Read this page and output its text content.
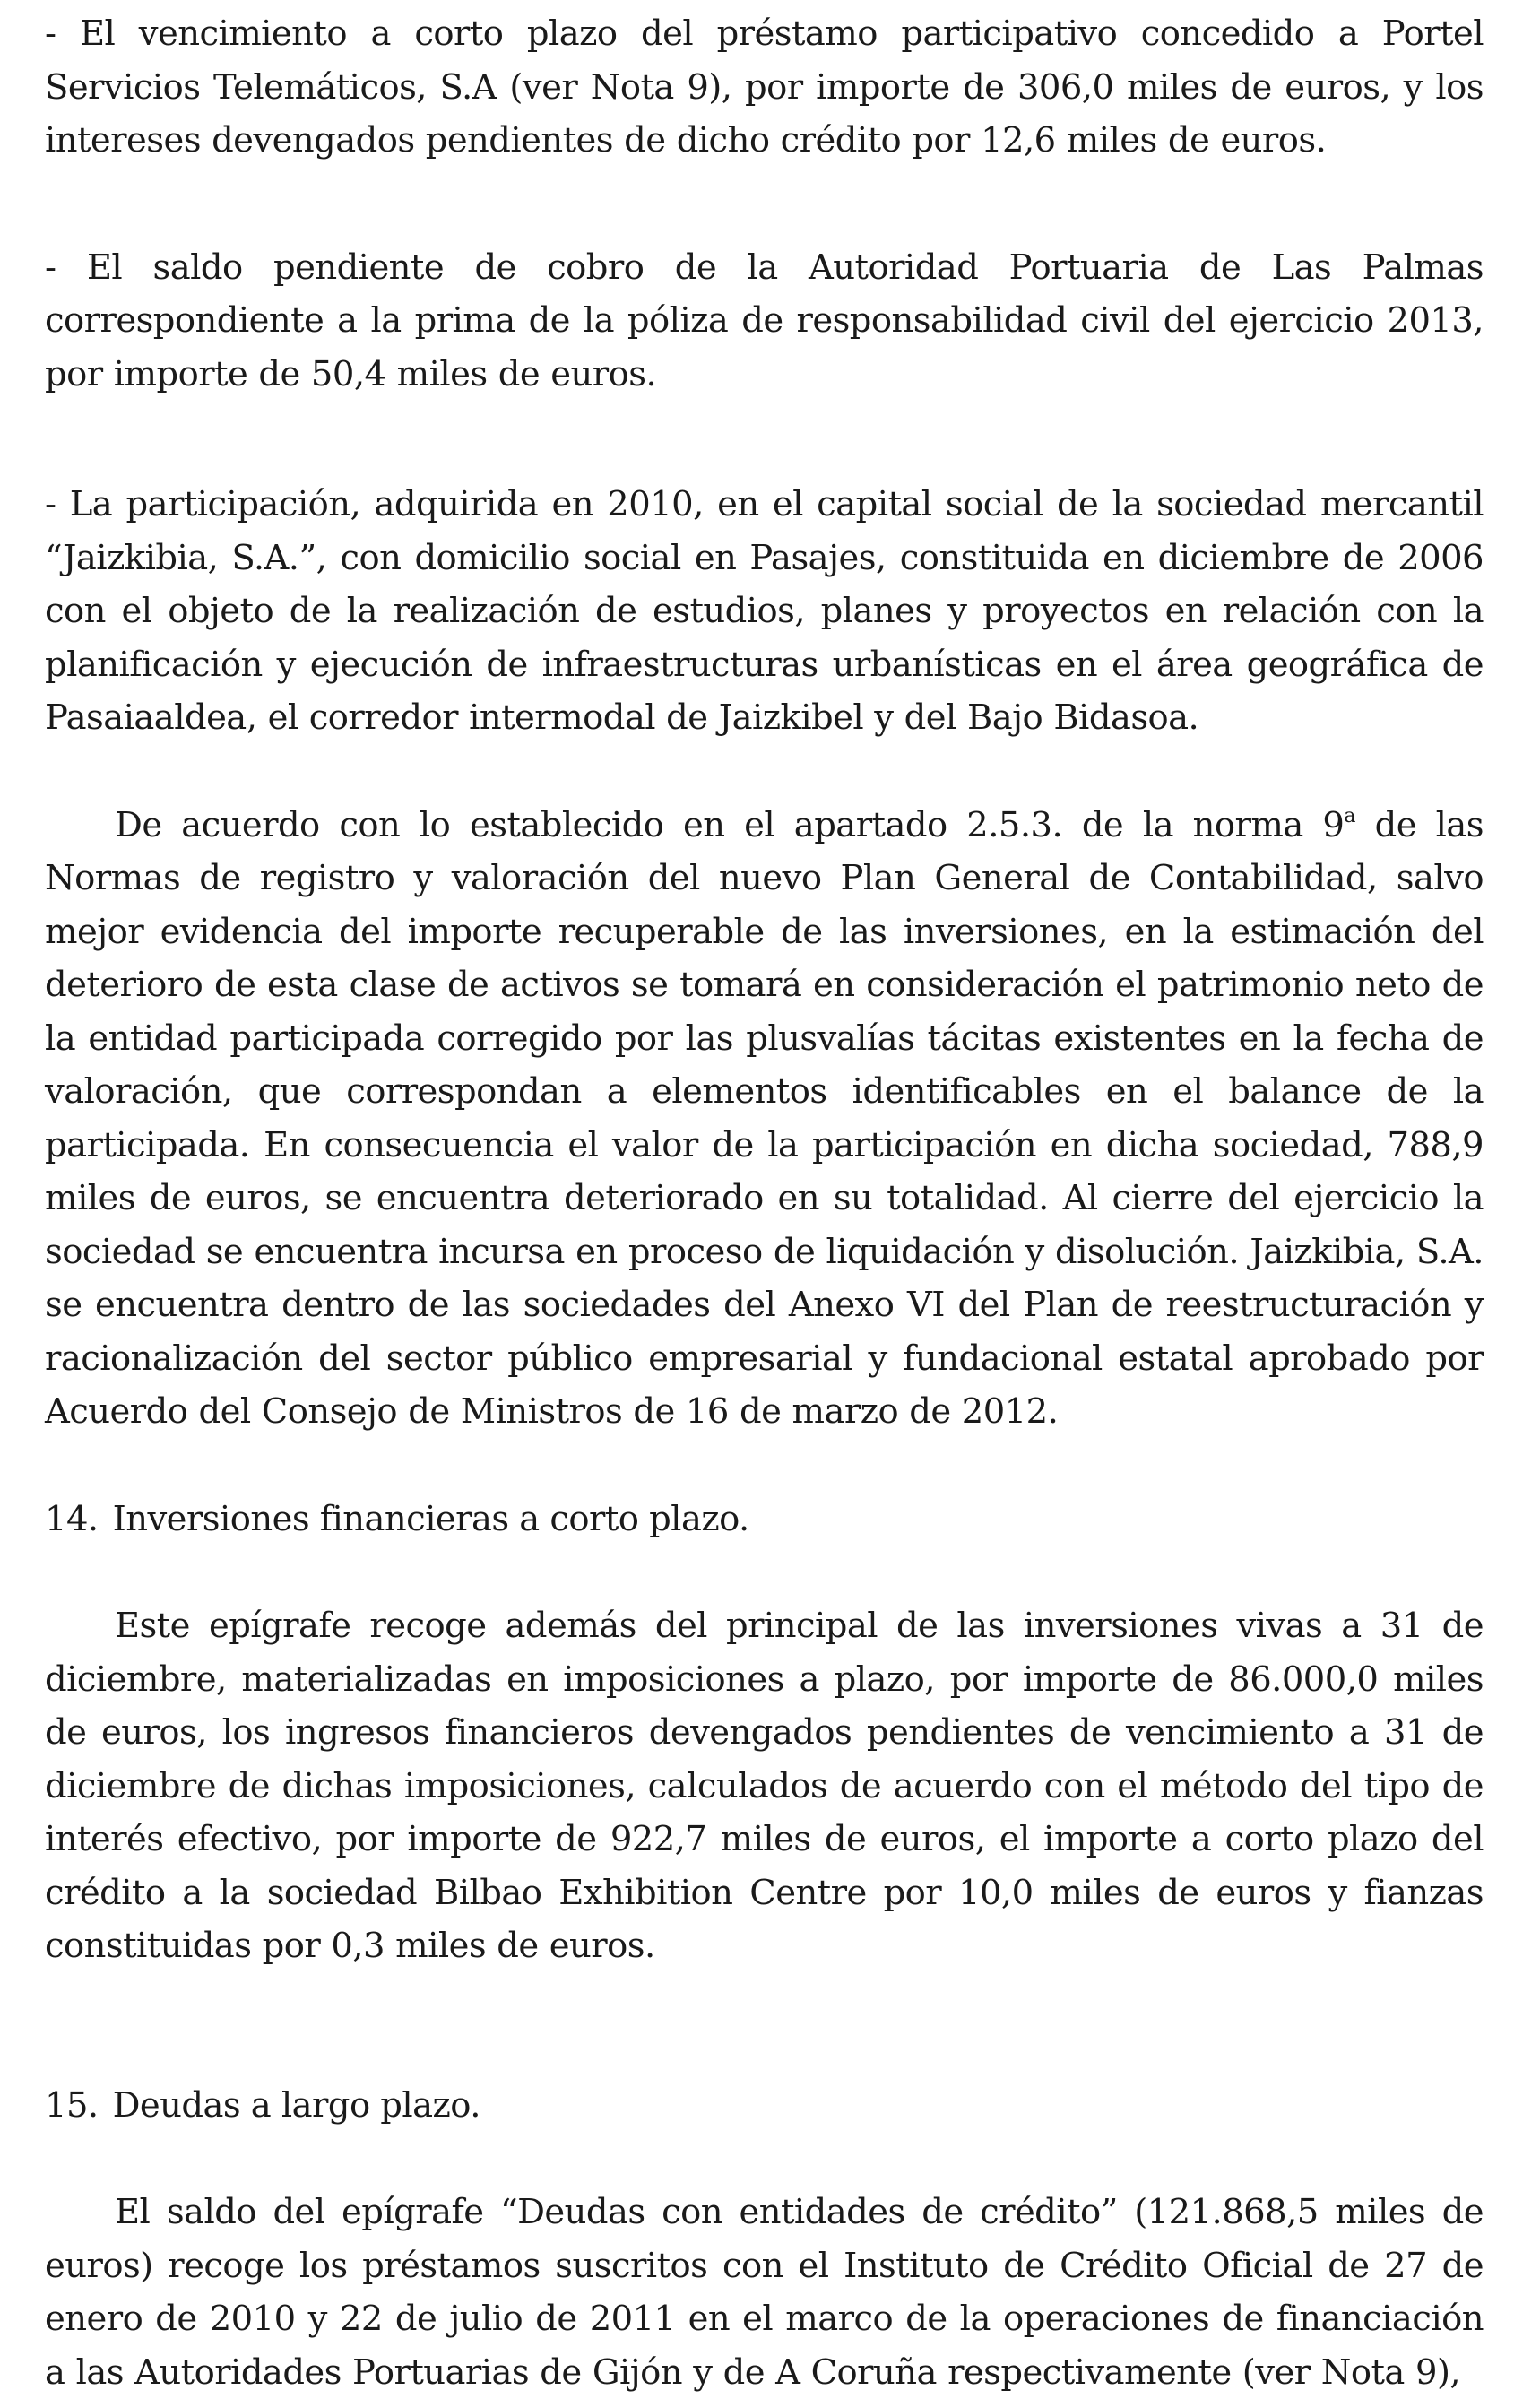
- El vencimiento a corto plazo del préstamo participativo concedido a Portel Servicios Telemáticos, S.A (ver Nota 9), por importe de 306,0 miles de euros, y los intereses devengados pendientes de dicho crédito por 12,6 miles de euros.

- El saldo pendiente de cobro de la Autoridad Portuaria de Las Palmas correspondiente a la prima de la póliza de responsabilidad civil del ejercicio 2013, por importe de 50,4 miles de euros.

- La participación, adquirida en 2010, en el capital social de la sociedad mercantil “Jaizkibia, S.A.”, con domicilio social en Pasajes, constituida en diciembre de 2006 con el objeto de la realización de estudios, planes y proyectos en relación con la planificación y ejecución de infraestructuras urbanísticas en el área geográfica de Pasaiaaldea, el corredor intermodal de Jaizkibel y del Bajo Bidasoa.

De acuerdo con lo establecido en el apartado 2.5.3. de la norma 9$^a$ de las Normas de registro y valoración del nuevo Plan General de Contabilidad, salvo mejor evidencia del importe recuperable de las inversiones, en la estimación del deterioro de esta clase de activos se tomará en consideración el patrimonio neto de la entidad participada corregido por las plusvalías tácitas existentes en la fecha de valoración, que correspondan a elementos identificables en el balance de la participada. En consecuencia el valor de la participación en dicha sociedad, 788,9 miles de euros, se encuentra deteriorado en su totalidad. Al cierre del ejercicio la sociedad se encuentra incursa en proceso de liquidación y disolución. Jaizkibia, S.A. se encuentra dentro de las sociedades del Anexo VI del Plan de reestructuración y racionalización del sector público empresarial y fundacional estatal aprobado por Acuerdo del Consejo de Ministros de 16 de marzo de 2012.

14. Inversiones financieras a corto plazo.

Este epígrafe recoge además del principal de las inversiones vivas a 31 de diciembre, materializadas en imposiciones a plazo, por importe de 86.000,0 miles de euros, los ingresos financieros devengados pendientes de vencimiento a 31 de diciembre de dichas imposiciones, calculados de acuerdo con el método del tipo de interés efectivo, por importe de 922,7 miles de euros, el importe a corto plazo del crédito a la sociedad Bilbao Exhibition Centre por 10,0 miles de euros y fianzas constituidas por 0,3 miles de euros.

15. Deudas a largo plazo.

El saldo del epígrafe “Deudas con entidades de crédito” (121.868,5 miles de euros) recoge los préstamos suscritos con el Instituto de Crédito Oficial de 27 de enero de 2010 y 22 de julio de 2011 en el marco de la operaciones de financiación a las Autoridades Portuarias de Gijón y de A Coruña respectivamente (ver Nota 9),
